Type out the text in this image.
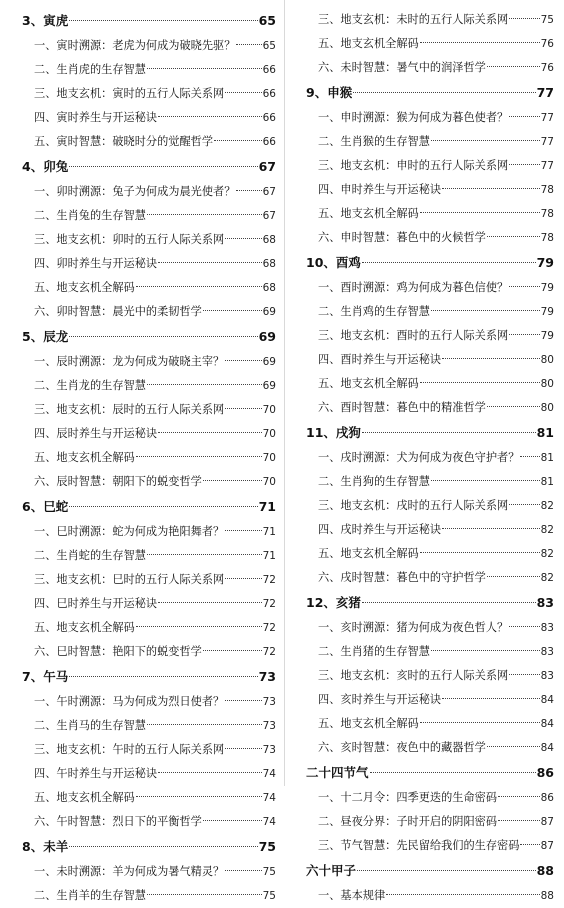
3、寅虎	65
一、寅时溯源：老虎为何成为破晓先驱？	65
二、生肖虎的生存智慧	66
三、地支玄机：寅时的五行人际关系网	66
四、寅时养生与开运秘诀	66
五、寅时智慧：破晓时分的觉醒哲学	66
4、卯兔	67
一、卯时溯源：兔子为何成为晨光使者？	67
二、生肖兔的生存智慧	67
三、地支玄机：卯时的五行人际关系网	68
四、卯时养生与开运秘诀	68
五、地支玄机全解码	68
六、卯时智慧：晨光中的柔韧哲学	69
5、辰龙	69
一、辰时溯源：龙为何成为破晓主宰？	69
二、生肖龙的生存智慧	69
三、地支玄机：辰时的五行人际关系网	70
四、辰时养生与开运秘诀	70
五、地支玄机全解码	70
六、辰时智慧：朝阳下的蜕变哲学	70
6、巳蛇	71
一、巳时溯源：蛇为何成为艳阳舞者？	71
二、生肖蛇的生存智慧	71
三、地支玄机：巳时的五行人际关系网	72
四、巳时养生与开运秘诀	72
五、地支玄机全解码	72
六、巳时智慧：艳阳下的蜕变哲学	72
7、午马	73
一、午时溯源：马为何成为烈日使者？	73
二、生肖马的生存智慧	73
三、地支玄机：午时的五行人际关系网	73
四、午时养生与开运秘诀	74
五、地支玄机全解码	74
六、午时智慧：烈日下的平衡哲学	74
8、未羊	75
一、未时溯源：羊为何成为暑气精灵？	75
二、生肖羊的生存智慧	75
三、地支玄机：未时的五行人际关系网	75
五、地支玄机全解码	76
六、未时智慧：暑气中的润泽哲学	76
9、申猴	77
一、申时溯源：猴为何成为暮色使者？	77
二、生肖猴的生存智慧	77
三、地支玄机：申时的五行人际关系网	77
四、申时养生与开运秘诀	78
五、地支玄机全解码	78
六、申时智慧：暮色中的火候哲学	78
10、酉鸡	79
一、酉时溯源：鸡为何成为暮色信使？	79
二、生肖鸡的生存智慧	79
三、地支玄机：酉时的五行人际关系网	79
四、酉时养生与开运秘诀	80
五、地支玄机全解码	80
六、酉时智慧：暮色中的精准哲学	80
11、戌狗	81
一、戌时溯源：犬为何成为夜色守护者？ 81
二、生肖狗的生存智慧	81
三、地支玄机：戌时的五行人际关系网	82
四、戌时养生与开运秘诀	82
五、地支玄机全解码	82
六、戌时智慧：暮色中的守护哲学	82
12、亥猪	83
一、亥时溯源：猪为何成为夜色哲人？	83
二、生肖猪的生存智慧	83
三、地支玄机：亥时的五行人际关系网	83
四、亥时养生与开运秘诀	84
五、地支玄机全解码	84
六、亥时智慧：夜色中的藏器哲学	84
二十四节气	86
一、十二月令：四季更迭的生命密码	86
二、昼夜分界：子时开启的阴阳密码	87
三、节气智慧：先民留给我们的生存密码 87
六十甲子	88
一、基本规律	88
